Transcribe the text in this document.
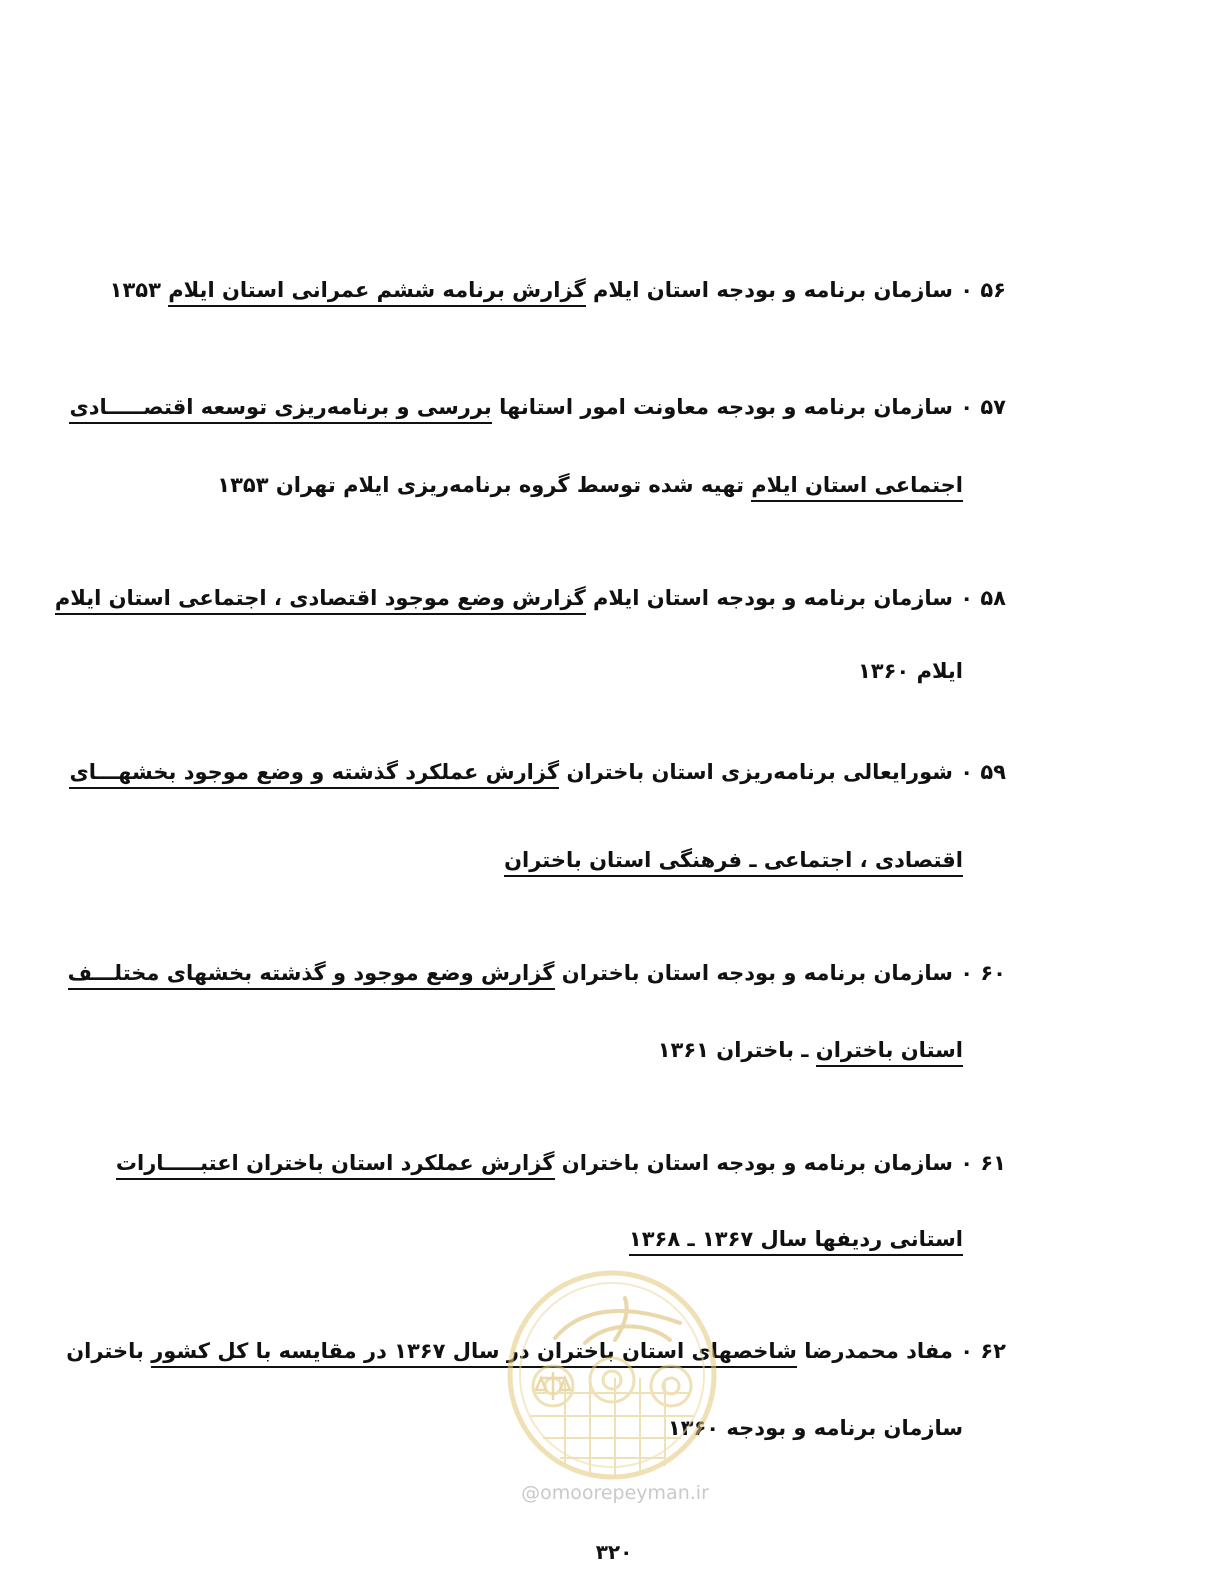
۵۶ ۰ سازمان برنامه و بودجه استان ایلام گزارش برنامه ششم عمرانی استان ایلام ۱۳۵۳
۵۷ ۰ سازمان برنامه و بودجه معاونت امور استانها بررسی و برنامه‌ریزی توسعه اقتصـــــادی
اجتماعی استان ایلام تهیه شده توسط گروه برنامه‌ریزی ایلام تهران ۱۳۵۳
۵۸ ۰ سازمان برنامه و بودجه استان ایلام گزارش وضع موجود اقتصادی ، اجتماعی استان ایلام
ایلام ۱۳۶۰
۵۹ ۰ شورایعالی برنامه‌ریزی استان باختران گزارش عملکرد گذشته و وضع موجود بخشهـــای
اقتصادی ، اجتماعی ـ فرهنگی استان باختران
۶۰ ۰ سازمان برنامه و بودجه استان باختران گزارش وضع موجود و گذشته بخشهای مختلـــف
استان باختران ـ باختران ۱۳۶۱
۶۱ ۰ سازمان برنامه و بودجه استان باختران گزارش عملکرد استان باختران اعتبـــــارات
استانی ردیفها سال ۱۳۶۷ ـ ۱۳۶۸
۶۲ ۰ مفاد محمدرضا شاخصهای استان باختران در سال ۱۳۶۷ در مقایسه با کل کشور باختران
سازمان برنامه و بودجه ۱۳۶۰
@omoorepeyman.ir
۳۲۰
